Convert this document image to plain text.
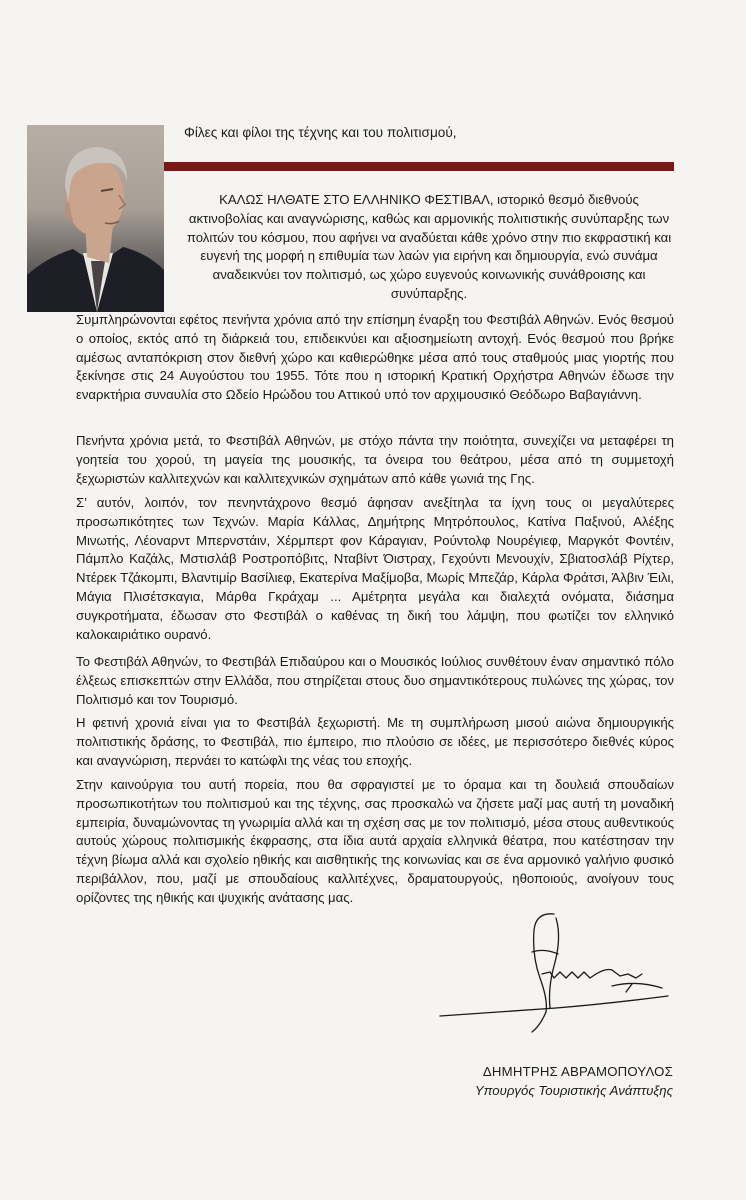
Φίλες και φίλοι της τέχνης και του πολιτισμού,
ΚΑΛΩΣ ΗΛΘΑΤΕ ΣΤΟ ΕΛΛΗΝΙΚΟ ΦΕΣΤΙΒΑΛ, ιστορικό θεσμό διεθνούς ακτινοβολίας και αναγνώρισης, καθώς και αρμονικής πολιτιστικής συνύπαρξης των πολιτών του κόσμου, που αφήνει να αναδύεται κάθε χρόνο στην πιο εκφραστική και ευγενή της μορφή η επιθυμία των λαών για ειρήνη και δημιουργία, ενώ συνάμα αναδεικνύει τον πολιτισμό, ως χώρο ευγενούς κοινωνικής συνάθροισης και συνύπαρξης.
Συμπληρώνονται εφέτος πενήντα χρόνια από την επίσημη έναρξη του Φεστιβάλ Αθηνών. Ενός θεσμού ο οποίος, εκτός από τη διάρκειά του, επιδεικνύει και αξιοσημείωτη αντοχή. Ενός θεσμού που βρήκε αμέσως ανταπόκριση στον διεθνή χώρο και καθιερώθηκε μέσα από τους σταθμούς μιας γιορτής που ξεκίνησε στις 24 Αυγούστου του 1955. Τότε που η ιστορική Κρατική Ορχήστρα Αθηνών έδωσε την εναρκτήρια συναυλία στο Ωδείο Ηρώδου του Αττικού υπό τον αρχιμουσικό Θεόδωρο Βαβαγιάννη.
Πενήντα χρόνια μετά, το Φεστιβάλ Αθηνών, με στόχο πάντα την ποιότητα, συνεχίζει να μεταφέρει τη γοητεία του χορού, τη μαγεία της μουσικής, τα όνειρα του θεάτρου, μέσα από τη συμμετοχή ξεχωριστών καλλιτεχνών και καλλιτεχνικών σχημάτων από κάθε γωνιά της Γης.
Σ’ αυτόν, λοιπόν, τον πενηντάχρονο θεσμό άφησαν ανεξίτηλα τα ίχνη τους οι μεγαλύτερες προσωπικότητες των Τεχνών. Μαρία Κάλλας, Δημήτρης Μητρόπουλος, Κατίνα Παξινού, Αλέξης Μινωτής, Λέοναρντ Μπερνστάιν, Χέρμπερτ φον Κάραγιαν, Ρούντολφ Νουρέγιεφ, Μαργκότ Φοντέιν, Πάμπλο Καζάλς, Μστισλάβ Ροστροπόβιτς, Νταβίντ Όιστραχ, Γεχούντι Μενουχίν, Σβιατοσλάβ Ρίχτερ, Ντέρεκ Τζάκομπι, Βλαντιμίρ Βασίλιεφ, Εκατερίνα Μαξίμοβα, Μωρίς Μπεζάρ, Κάρλα Φράτσι, Άλβιν Έιλι, Μάγια Πλισέτσκαγια, Μάρθα Γκράχαμ ... Αμέτρητα μεγάλα και διαλεχτά ονόματα, διάσημα συγκροτήματα, έδωσαν στο Φεστιβάλ ο καθένας τη δική του λάμψη, που φωτίζει τον ελληνικό καλοκαιριάτικο ουρανό.
Το Φεστιβάλ Αθηνών, το Φεστιβάλ Επιδαύρου και ο Μουσικός Ιούλιος συνθέτουν έναν σημαντικό πόλο έλξεως επισκεπτών στην Ελλάδα, που στηρίζεται στους δυο σημαντικότερους πυλώνες της χώρας, τον Πολιτισμό και τον Τουρισμό.
Η φετινή χρονιά είναι για το Φεστιβάλ ξεχωριστή. Με τη συμπλήρωση μισού αιώνα δημιουργικής πολιτιστικής δράσης, το Φεστιβάλ, πιο έμπειρο, πιο πλούσιο σε ιδέες, με περισσότερο διεθνές κύρος και αναγνώριση, περνάει το κατώφλι της νέας του εποχής.
Στην καινούργια του αυτή πορεία, που θα σφραγιστεί με το όραμα και τη δουλειά σπουδαίων προσωπικοτήτων του πολιτισμού και της τέχνης, σας προσκαλώ να ζήσετε μαζί μας αυτή τη μοναδική εμπειρία, δυναμώνοντας τη γνωριμία αλλά και τη σχέση σας με τον πολιτισμό, μέσα στους αυθεντικούς αυτούς χώρους πολιτισμικής έκφρασης, στα ίδια αυτά αρχαία ελληνικά θέατρα, που κατέστησαν την τέχνη βίωμα αλλά και σχολείο ηθικής και αισθητικής της κοινωνίας και σε ένα αρμονικό γαλήνιο φυσικό περιβάλλον, που, μαζί με σπουδαίους καλλιτέχνες, δραματουργούς, ηθοποιούς, ανοίγουν τους ορίζοντες της ηθικής και ψυχικής ανάτασης μας.
ΔΗΜΗΤΡΗΣ ΑΒΡΑΜΟΠΟΥΛΟΣ
Υπουργός Τουριστικής Ανάπτυξης
